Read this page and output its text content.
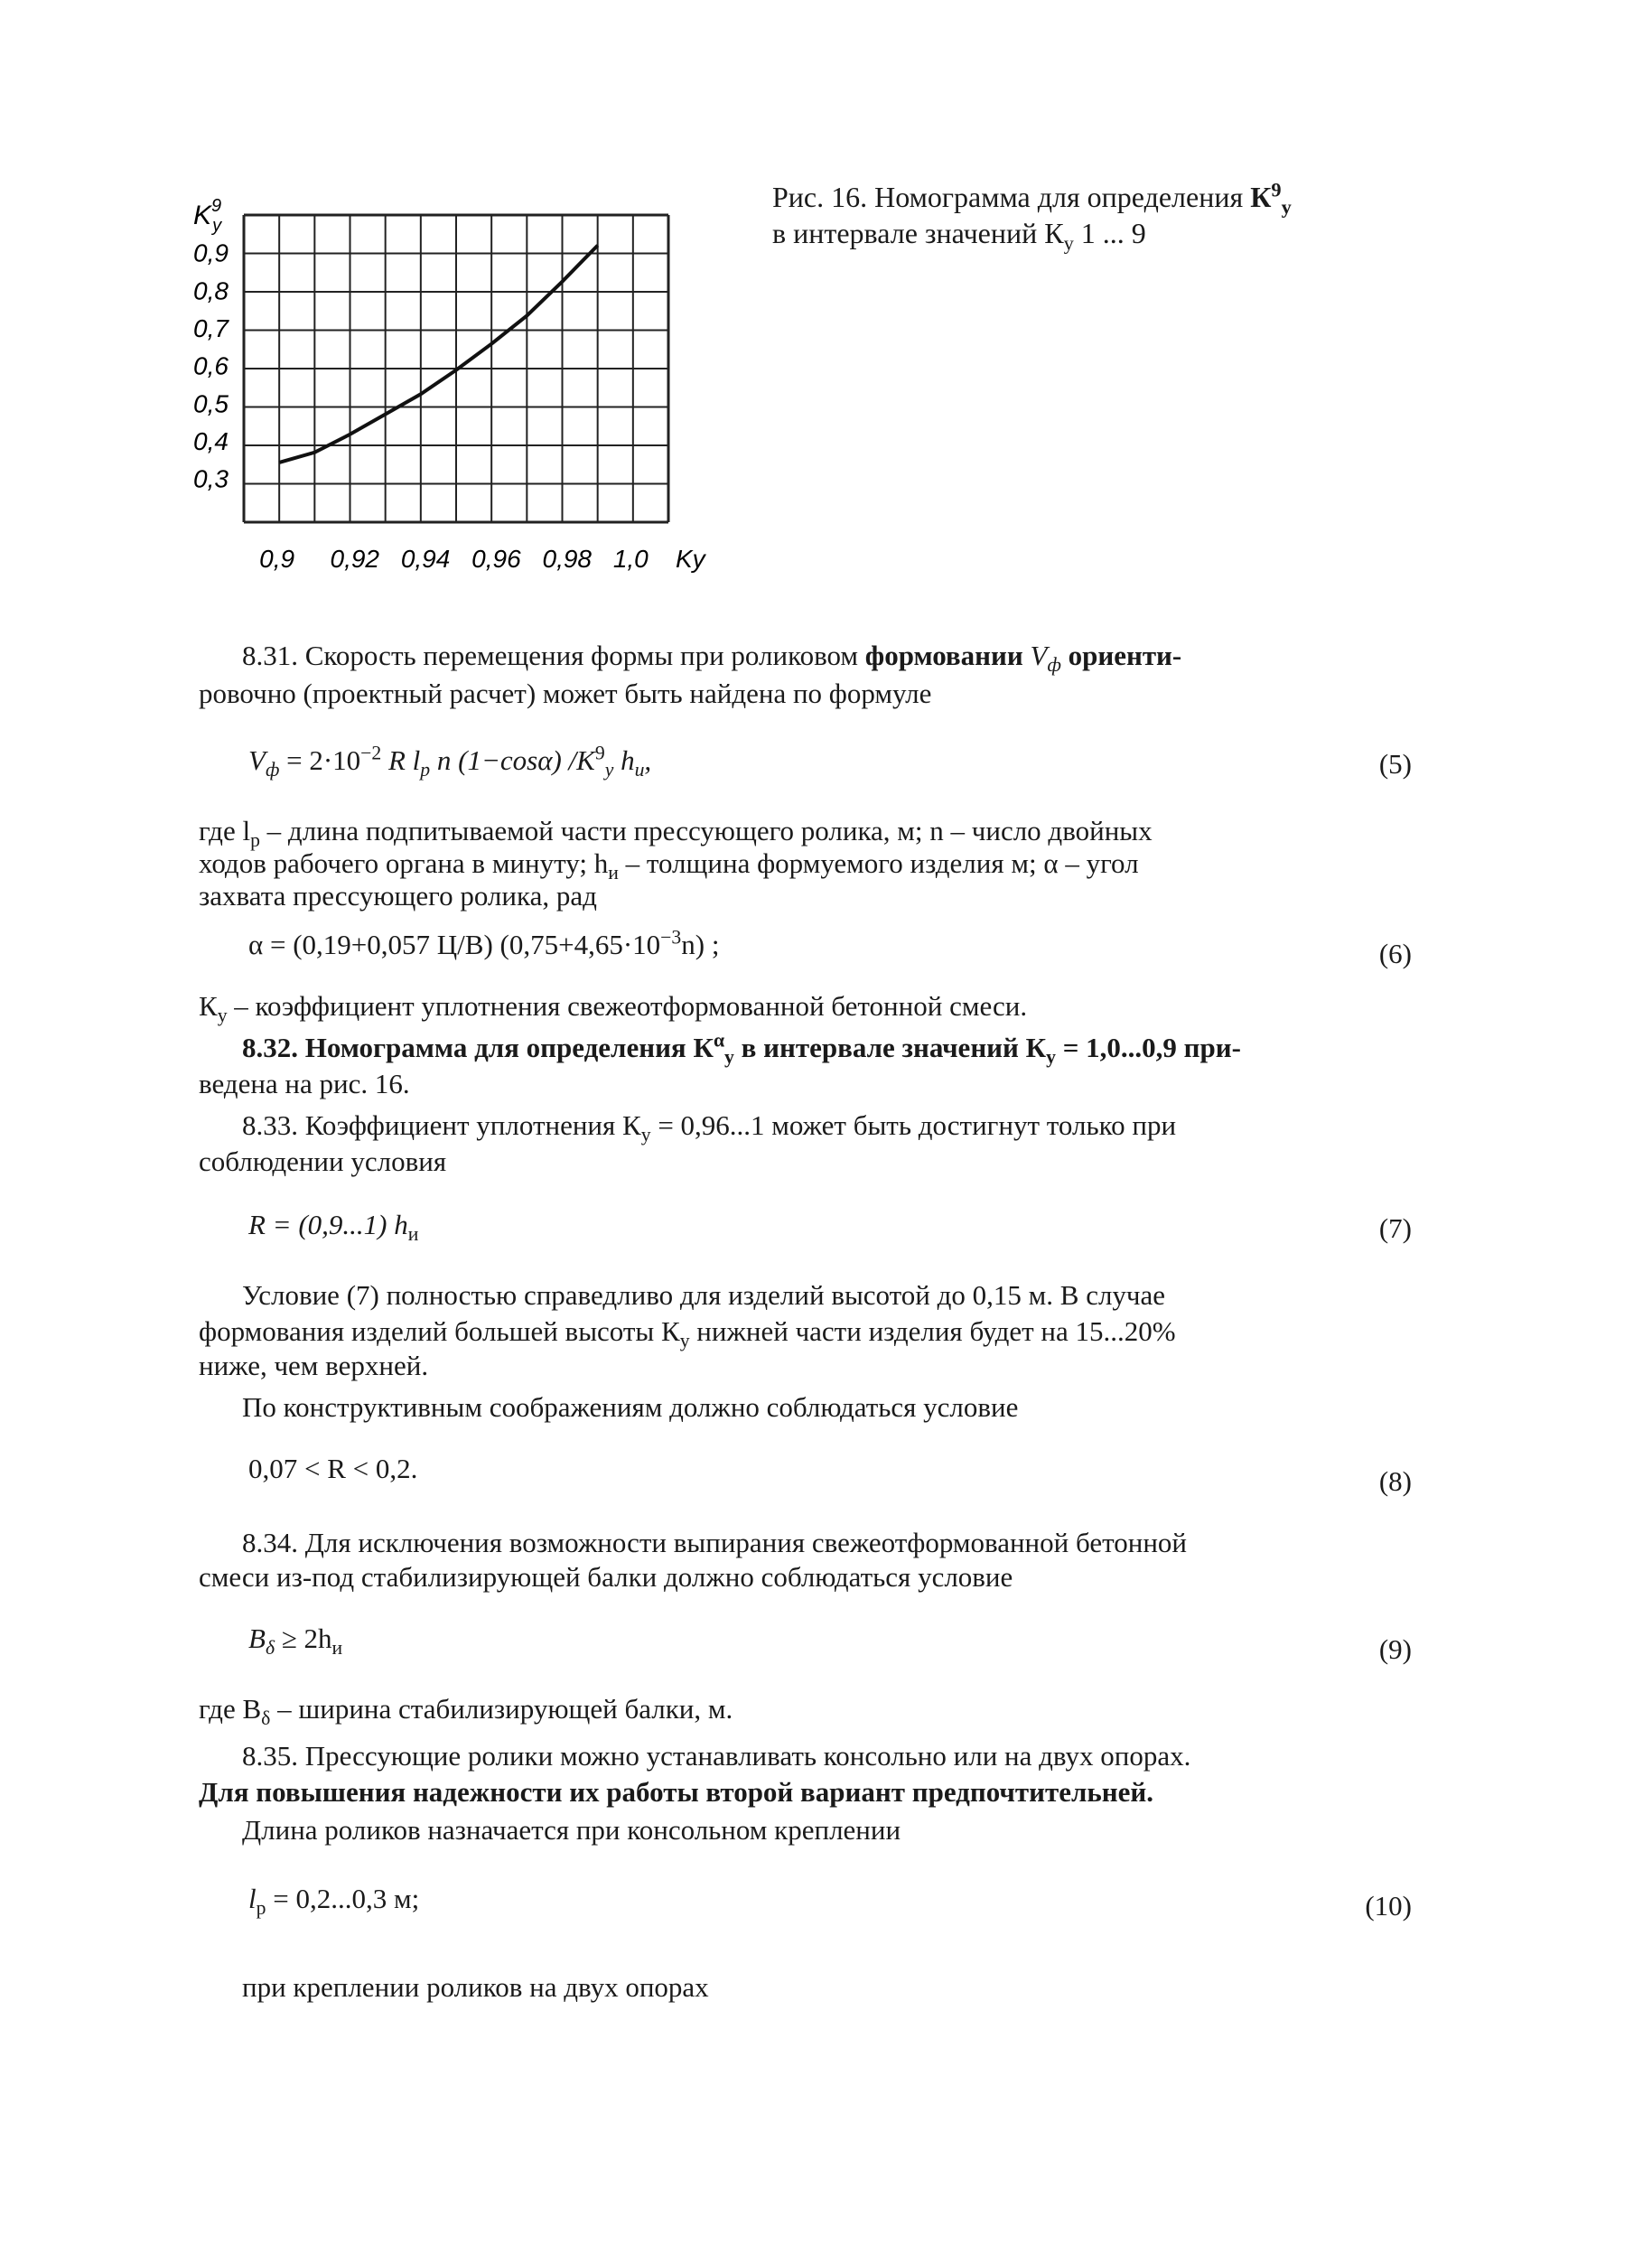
0,9
0,8
0,7
0,6
0,5
0,4
0,3
0,9 0,92 0,94 0,96 0,98 1,0 Ky
$K^9$ y
Рис. 16. Номограмма для определения $К^9_у$
в интервале значений $К_у$ 1 ... 9
8.31. Скорость перемещения формы при роликовом формовании $V_ф$ ориенти-
ровочно (проектный расчет) может быть найдена по формуле
$V_ф = 2\cdot 10^{-2}$ R $l_р$ n (1−cosα) $/K^9_у$ $h_и$,	(5)
где $l_р$ – длина подпитываемой части прессующего ролика, м; n – число двойных
ходов рабочего органа в минуту; $h_и$ – толщина формуемого изделия м; α – угол
захвата прессующего ролика, рад
α = (0,19+0,057 Ц/В) $(0,75+4,65\cdot 10^{-3}n)$ ;	(6)
$К_у$ – коэффициент уплотнения свежеотформованной бетонной смеси.
8.32. Номограмма для определения $К^\alpha_у$ в интервале значений $К_у = 1,0...0,9$ при-
ведена на рис. 16.
8.33. Коэффициент уплотнения $К_у = 0,96...1$ может быть достигнут только при
соблюдении условия
R = (0,9...1) $h_и$	(7)
Условие (7) полностью справедливо для изделий высотой до 0,15 м. В случае
формования изделий большей высоты $К_у$ нижней части изделия будет на 15...20%
ниже, чем верхней.
По конструктивным соображениям должно соблюдаться условие
0,07 < R < 0,2.	(8)
8.34. Для исключения возможности выпирания свежеотформованной бетонной
смеси из-под стабилизирующей балки должно соблюдаться условие
$B_\delta \ge 2h_и$	(9)
где $B_\delta$ – ширина стабилизирующей балки, м.
8.35. Прессующие ролики можно устанавливать консольно или на двух опорах.
Для повышения надежности их работы второй вариант предпочтительней.
Длина роликов назначается при консольном креплении
$l_р = 0,2...0,3$ м;	(10)
при креплении роликов на двух опорах
